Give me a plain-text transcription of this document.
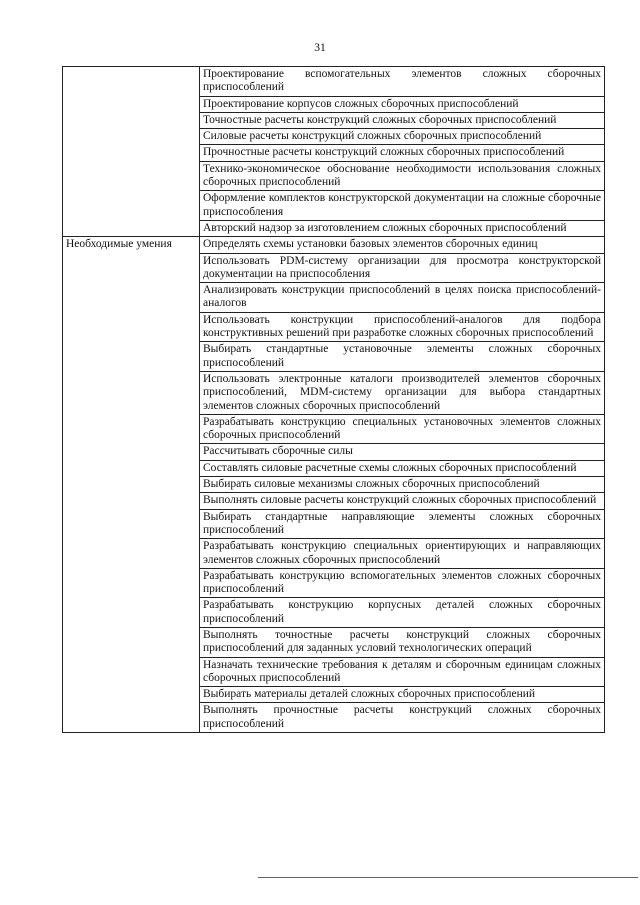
31
	Проектирование вспомогательных элементов сложных сборочных приспособлений
	Проектирование корпусов сложных сборочных приспособлений
	Точностные расчеты конструкций сложных сборочных приспособлений
	Силовые расчеты конструкций сложных сборочных приспособлений
	Прочностные расчеты конструкций сложных сборочных приспособлений
	Технико-экономическое обоснование необходимости использования сложных сборочных приспособлений
	Оформление комплектов конструкторской документации на сложные сборочные приспособления
	Авторский надзор за изготовлением сложных сборочных приспособлений
Необходимые умения	Определять схемы установки базовых элементов сборочных единиц
	Использовать PDM-систему организации для просмотра конструкторской документации на приспособления
	Анализировать конструкции приспособлений в целях поиска приспособлений-аналогов
	Использовать конструкции приспособлений-аналогов для подбора конструктивных решений при разработке сложных сборочных приспособлений
	Выбирать стандартные установочные элементы сложных сборочных приспособлений
	Использовать электронные каталоги производителей элементов сборочных приспособлений, MDM-систему организации для выбора стандартных элементов сложных сборочных приспособлений
	Разрабатывать конструкцию специальных установочных элементов сложных сборочных приспособлений
	Рассчитывать сборочные силы
	Составлять силовые расчетные схемы сложных сборочных приспособлений
	Выбирать силовые механизмы сложных сборочных приспособлений
	Выполнять силовые расчеты конструкций сложных сборочных приспособлений
	Выбирать стандартные направляющие элементы сложных сборочных приспособлений
	Разрабатывать конструкцию специальных ориентирующих и направляющих элементов сложных сборочных приспособлений
	Разрабатывать конструкцию вспомогательных элементов сложных сборочных приспособлений
	Разрабатывать конструкцию корпусных деталей сложных сборочных приспособлений
	Выполнять точностные расчеты конструкций сложных сборочных приспособлений для заданных условий технологических операций
	Назначать технические требования к деталям и сборочным единицам сложных сборочных приспособлений
	Выбирать материалы деталей сложных сборочных приспособлений
	Выполнять прочностные расчеты конструкций сложных сборочных приспособлений
